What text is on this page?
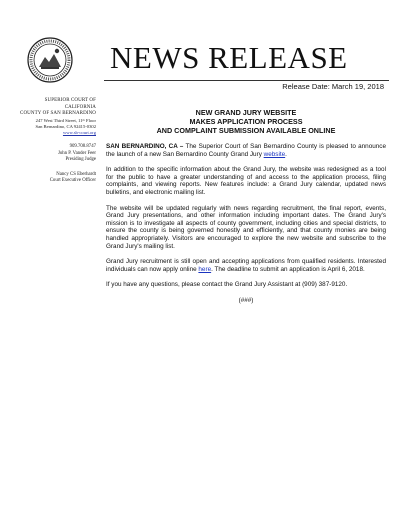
NEWS RELEASE
Release Date: March 19, 2018
SUPERIOR COURT OF
CALIFORNIA
COUNTY OF SAN BERNARDINO
247 West Third Street, 11ᵗʰ Floor
San Bernardino, CA 92415-0302
www.sb-court.org
909.708.8747
John P. Vander Feer
Presiding Judge
Nancy CS Eberhardt
Court Executive Officer
NEW GRAND JURY WEBSITE
MAKES APPLICATION PROCESS
AND COMPLAINT SUBMISSION AVAILABLE ONLINE

SAN BERNARDINO, CA – The Superior Court of San Bernardino County is pleased to announce the launch of a new San Bernardino County Grand Jury website.

In addition to the specific information about the Grand Jury, the website was redesigned as a tool for the public to have a greater understanding of and access to the application process, filing complaints, and viewing reports. New features include: a Grand Jury calendar, updated news bulletins, and electronic mailing list.

The website will be updated regularly with news regarding recruitment, the final report, events, Grand Jury presentations, and other information including important dates. The Grand Jury's mission is to investigate all aspects of county government, including cities and special districts, to ensure the county is being governed honestly and efficiently, and that county monies are being handled appropriately. Visitors are encouraged to explore the new website and subscribe to the Grand Jury's mailing list.

Grand Jury recruitment is still open and accepting applications from qualified residents. Interested individuals can now apply online here. The deadline to submit an application is April 6, 2018.

If you have any questions, please contact the Grand Jury Assistant at (909) 387-9120.

(###)
